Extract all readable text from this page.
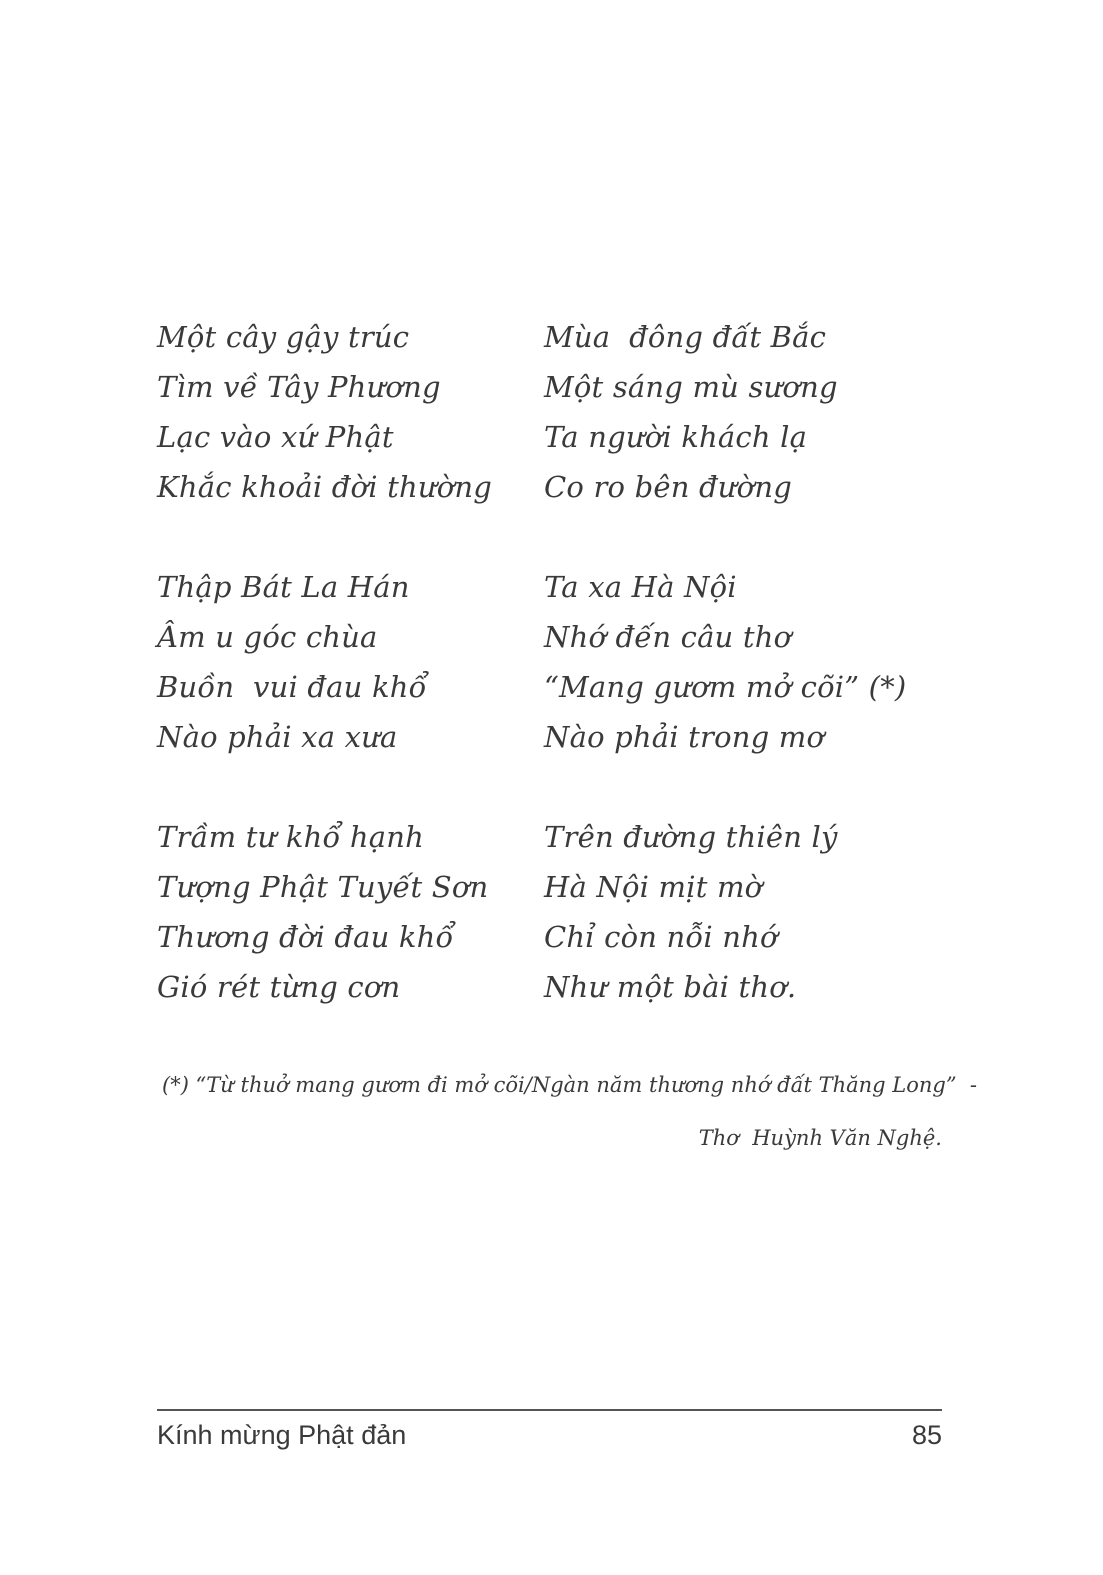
Một cây gậy trúc	Mùa  đông đất Bắc
Tìm về Tây Phương	Một sáng mù sương
Lạc vào xứ Phật	Ta người khách lạ
Khắc khoải đời thường	Co ro bên đường
Thập Bát La Hán	Ta xa Hà Nội
Âm u góc chùa	Nhớ đến câu thơ
Buồn  vui đau khổ	“Mang gươm mở cõi” (*)
Nào phải xa xưa	Nào phải trong mơ
Trầm tư khổ hạnh	Trên đường thiên lý
Tượng Phật Tuyết Sơn	Hà Nội mịt mờ
Thương đời đau khổ	Chỉ còn nỗi nhớ
Gió rét từng cơn	Như một bài thơ.
(*) “Từ thuở mang gươm đi mở cõi/Ngàn năm thương nhớ đất Thăng Long”  -
Thơ  Huỳnh Văn Nghệ.
Kính mừng Phật đản	85
